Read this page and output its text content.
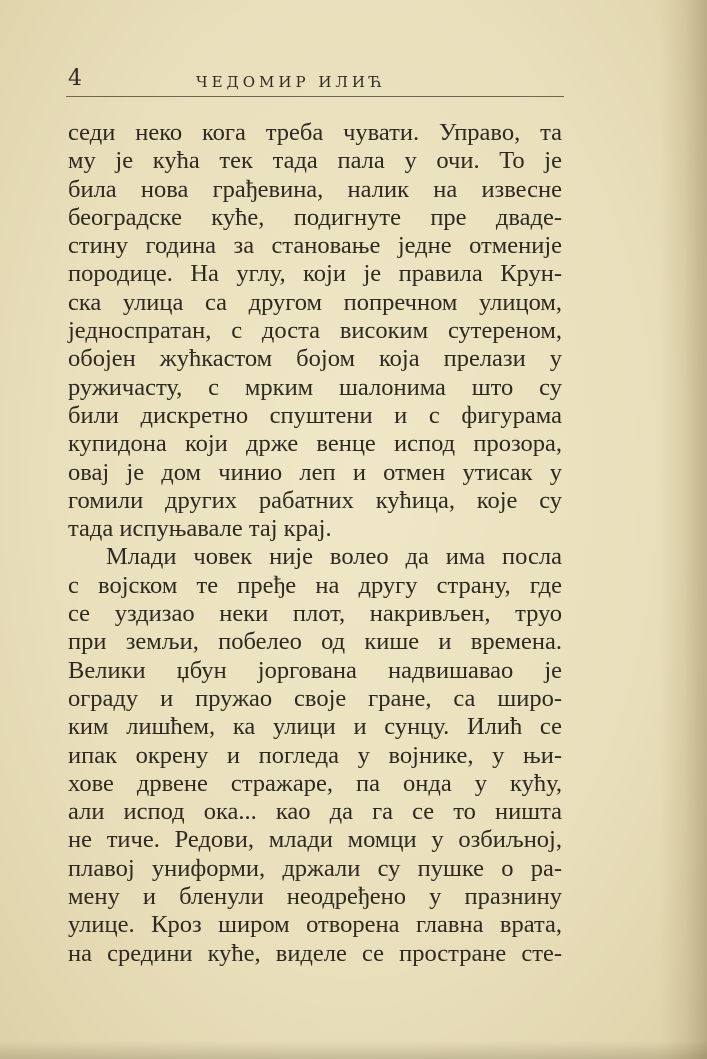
4	ЧЕДОМИР ИЛИЋ
седи неко кога треба чувати. Управо, та
му је кућа тек тада пала у очи. То је
била нова грађевина, налик на извесне
београдске куће, подигнуте пре двадe-
стину година за становање једне отменије
породице. На углу, који је правила Крун-
ска улица са другом попречном улицом,
једноспратан, с доста високим сутереном,
обојен жућкастом бојом која прелази у
ружичасту, с мрким шалонима што су
били дискретно спуштени и с фигурама
купидона који држе венце испод прозора,
овај је дом чинио леп и отмен утисак у
гомили других рабатних кућица, које су
тада испуњавале тај крај.
Млади човек није волео да има посла
с војском те пређе на другу страну, где
се уздизао неки плот, накривљен, труо
при земљи, побелео од кише и времена.
Велики џбун јоргована надвишавао је
ограду и пружао своје гране, са широ-
ким лишћем, ка улици и сунцу. Илић се
ипак окрену и погледа у војнике, у њи-
хове дрвене стражаре, па онда у кућу,
али испод ока... као да га се то ништа
не тиче. Редови, млади момци у озбиљној,
плавој униформи, држали су пушке о ра-
мену и бленули неодређено у празнину
улице. Кроз широм отворена главна врата,
на средини куће, виделе се простране сте-
